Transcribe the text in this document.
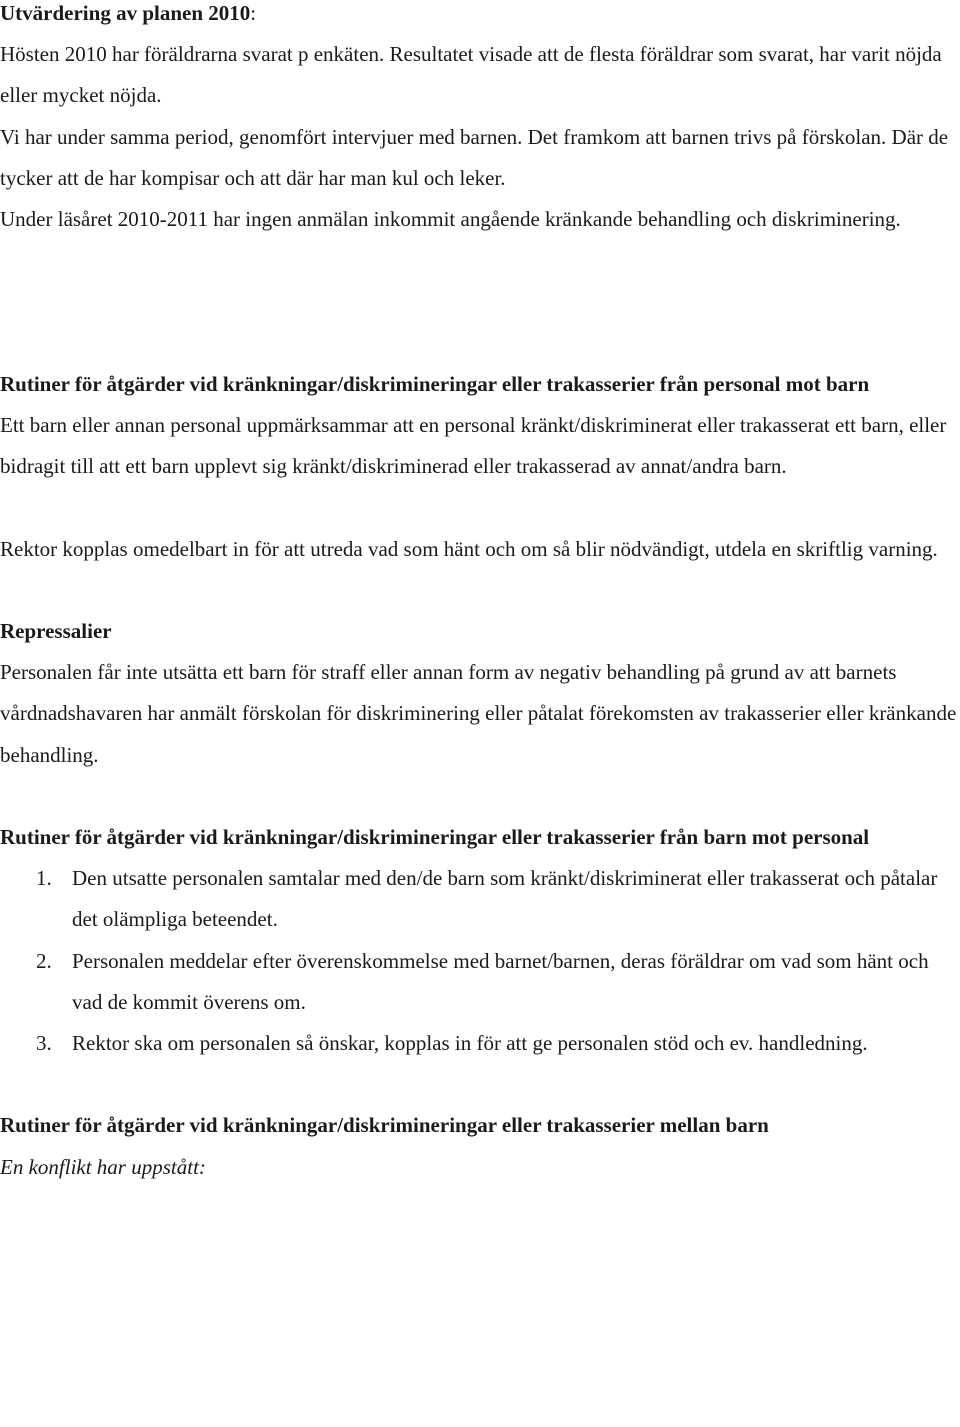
Utvärdering av planen 2010:

Hösten 2010 har föräldrarna svarat p enkäten. Resultatet visade att de flesta föräldrar som svarat, har varit nöjda eller mycket nöjda.

Vi har under samma period, genomfört intervjuer med barnen. Det framkom att barnen trivs på förskolan. Där de tycker att de har kompisar och att där har man kul och leker.

Under läsåret 2010-2011 har ingen anmälan inkommit angående kränkande behandling och diskriminering.

Rutiner för åtgärder vid kränkningar/diskrimineringar eller trakasserier från personal mot barn

Ett barn eller annan personal uppmärksammar att en personal kränkt/diskriminerat eller trakasserat ett barn, eller bidragit till att ett barn upplevt sig kränkt/diskriminerad eller trakasserad av annat/andra barn.

Rektor kopplas omedelbart in för att utreda vad som hänt och om så blir nödvändigt, utdela en skriftlig varning.

Repressalier

Personalen får inte utsätta ett barn för straff eller annan form av negativ behandling på grund av att barnets vårdnadshavaren har anmält förskolan för diskriminering eller påtalat förekomsten av trakasserier eller kränkande behandling.

Rutiner för åtgärder vid kränkningar/diskrimineringar eller trakasserier från barn mot personal

1. Den utsatte personalen samtalar med den/de barn som kränkt/diskriminerat eller trakasserat och påtalar det olämpliga beteendet.
2. Personalen meddelar efter överenskommelse med barnet/barnen, deras föräldrar om vad som hänt och vad de kommit överens om.
3. Rektor ska om personalen så önskar, kopplas in för att ge personalen stöd och ev. handledning.

Rutiner för åtgärder vid kränkningar/diskrimineringar eller trakasserier mellan barn

En konflikt har uppstått:
